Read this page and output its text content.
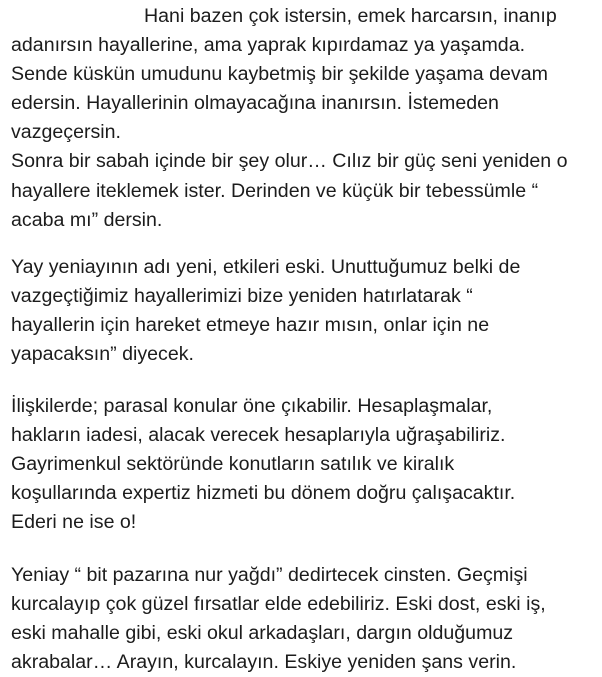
Hani bazen çok istersin, emek harcarsın, inanıp
adanırsın hayallerine, ama yaprak kıpırdamaz ya yaşamda.
Sende küskün umudunu kaybetmiş bir şekilde yaşama devam
edersin. Hayallerinin olmayacağına inanırsın. İstemeden
vazgeçersin.
Sonra bir sabah içinde bir şey olur… Cılız bir güç seni yeniden o
hayallere iteklemek ister. Derinden ve küçük bir tebessümle “
acaba mı” dersin.
Yay yeniayının adı yeni, etkileri eski. Unuttuğumuz belki de
vazgeçtiğimiz hayallerimizi bize yeniden hatırlatarak “
hayallerin için hareket etmeye hazır mısın, onlar için ne
yapacaksın” diyecek.
İlişkilerde; parasal konular öne çıkabilir. Hesaplaşmalar,
hakların iadesi, alacak verecek hesaplarıyla uğraşabiliriz.
Gayrimenkul sektöründe konutların satılık ve kiralık
koşullarında expertiz hizmeti bu dönem doğru çalışacaktır.
Ederi ne ise o!
Yeniay “ bit pazarına nur yağdı” dedirtecek cinsten. Geçmişi
kurcalayıp çok güzel fırsatlar elde edebiliriz. Eski dost, eski iş,
eski mahalle gibi, eski okul arkadaşları, dargın olduğumuz
akrabalar… Arayın, kurcalayın. Eskiye yeniden şans verin.
